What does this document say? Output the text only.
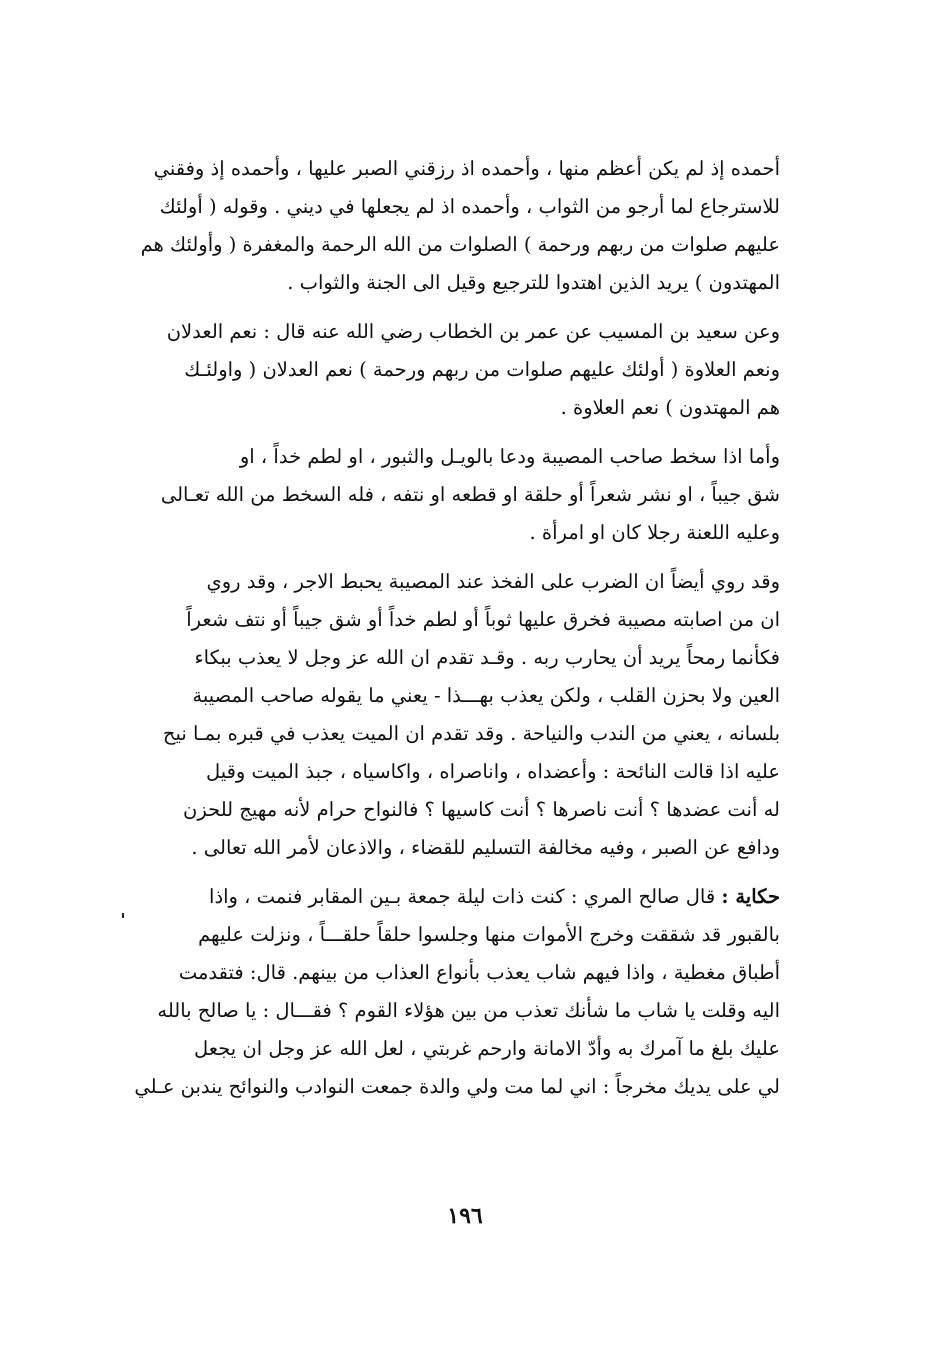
أحمده إذ لم يكن أعظم منها ، وأحمده اذ رزقني الصبر عليها ، وأحمده إذ وفقني
للاسترجاع لما أرجو من الثواب ، وأحمده اذ لم يجعلها في ديني . وقوله ( أولئك
عليهم صلوات من ربهم ورحمة ) الصلوات من الله الرحمة والمغفرة ( وأولئك هم
المهتدون ) يريد الذين اهتدوا للترجيع وقيل الى الجنة والثواب .

وعن سعيد بن المسيب عن عمر بن الخطاب رضي الله عنه قال : نعم العدلان
ونعم العلاوة ( أولئك عليهم صلوات من ربهم ورحمة ) نعم العدلان ( واولئـك
هم المهتدون ) نعم العلاوة .

وأما اذا سخط صاحب المصيبة ودعا بالويـل والثبور ، او لطم خداً ، او
شق جيباً ، او نشر شعراً أو حلقة او قطعه او نتفه ، فله السخط من الله تعـالى
وعليه اللعنة رجلا كان او امرأة .

وقد روي أيضاً ان الضرب على الفخذ عند المصيبة يحبط الاجر ، وقد روي
ان من اصابته مصيبة فخرق عليها ثوباً أو لطم خداً أو شق جيباً أو نتف شعراً
فكأنما رمحاً يريد أن يحارب ربه . وقـد تقدم ان الله عز وجل لا يعذب ببكاء
العين ولا بحزن القلب ، ولكن يعذب بهـــذا - يعني ما يقوله صاحب المصيبة
بلسانه ، يعني من الندب والنياحة . وقد تقدم ان الميت يعذب في قبره بمـا نيح
عليه اذا قالت النائحة : وأعضداه ، واناصراه ، واكاسياه ، جبذ الميت وقيل
له أنت عضدها ؟ أنت ناصرها ؟ أنت كاسيها ؟ فالنواح حرام لأنه مهيج للحزن
ودافع عن الصبر ، وفيه مخالفة التسليم للقضاء ، والاذعان لأمر الله تعالى .

حكاية : قال صالح المري : كنت ذات ليلة جمعة بـين المقابر فنمت ، واذا
بالقبور قد شققت وخرج الأموات منها وجلسوا حلقاً حلقـــاً ، ونزلت عليهم
أطباق مغطية ، واذا فيهم شاب يعذب بأنواع العذاب من بينهم. قال: فتقدمت
اليه وقلت يا شاب ما شأنك تعذب من بين هؤلاء القوم ؟ فقـــال : يا صالح بالله
عليك بلغ ما آمرك به وأدّ الامانة وارحم غربتي ، لعل الله عز وجل ان يجعل
لي على يديك مخرجاً : اني لما مت ولي والدة جمعت النوادب والنوائح يندبن عـلي

١٩٦
